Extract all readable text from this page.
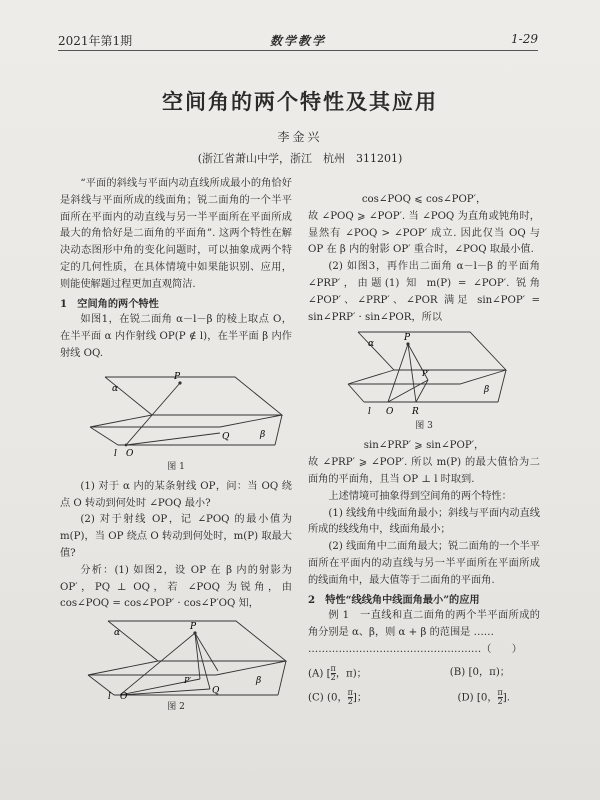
2021年第1期	数学教学	1-29
空间角的两个特性及其应用
李金兴
(浙江省萧山中学，浙江　杭州　311201)

“平面的斜线与平面内动直线所成最小的角恰好是斜线与平面所成的线面角；锐二面角的一个半平面所在平面内的动直线与另一半平面所在平面所成最大的角恰好是二面角的平面角”. 这两个特性在解决动态图形中角的变化问题时，可以抽象成两个特定的几何性质，在具体情境中如果能识别、应用，则能使解题过程更加直观简洁.

1　空间角的两个特性

如图1，在锐二面角 α－l－β 的棱上取点 O，在半平面 α 内作射线 OP(P ∉ l)，在半平面 β 内作射线 OQ.

α
β
P
Q
l O
图 1

(1) 对于 α 内的某条射线 OP，问：当 OQ 绕点 O 转动到何处时 ∠POQ 最小?

(2) 对于射线 OP，记 ∠POQ 的最小值为 m(P)，当 OP 绕点 O 转动到何处时，m(P) 取最大值?

分析：(1) 如图2，设 OP 在 β 内的射影为 OP′，PQ ⊥ OQ，若 ∠POQ 为锐角，由 cos∠POQ = cos∠POP′ · cos∠P′OQ 知，

α
β
P
P′
Q
l O
图 2

cos∠POQ ⩽ cos∠POP′，

故 ∠POQ ⩾ ∠POP′. 当 ∠POQ 为直角或钝角时，显然有 ∠POQ > ∠POP′ 成立. 因此仅当 OQ 与 OP 在 β 内的射影 OP′ 重合时，∠POQ 取最小值.

(2) 如图3，再作出二面角 α－l－β 的平面角 ∠PRP′，由题(1) 知 m(P) = ∠POP′. 锐角 ∠POP′、∠PRP′、∠POR 满足 sin∠POP′ = sin∠PRP′ · sin∠POR，所以

α
β
P
P′
l O R
图 3

sin∠PRP′ ⩾ sin∠POP′，

故 ∠PRP′ ⩾ ∠POP′. 所以 m(P) 的最大值恰为二面角的平面角，且当 OP ⊥ l 时取到.

上述情境可抽象得到空间角的两个特性：

(1) 线线角中线面角最小；斜线与平面内动直线所成的线线角中，线面角最小；

(2) 线面角中二面角最大；锐二面角的一个半平面所在平面内的动直线与另一半平面所在平面所成的线面角中，最大值等于二面角的平面角.

2　特性“线线角中线面角最小”的应用

例 1　一直线和直二面角的两个半平面所成的角分别是 α、β，则 α + β 的范围是 ……

……………………………………………（　　）

(A) [ $\frac{\pi}{2}$ ，π)；	(B) [0，π)；
(C) (0， $\frac{\pi}{2}$ ]；	(D) [0， $\frac{\pi}{2}$ ].
